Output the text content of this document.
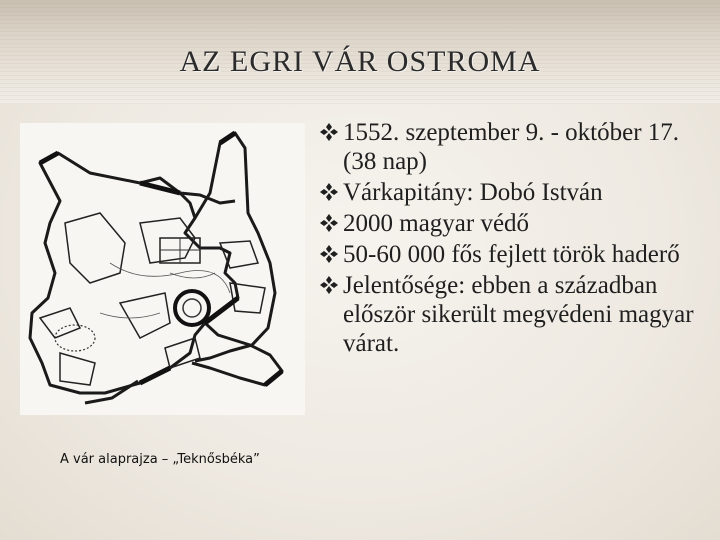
AZ EGRI VÁR OSTROMA
1552. szeptember 9. - október 17. (38 nap)
Várkapitány: Dobó István
2000 magyar védő
50-60 000 fős fejlett török haderő
Jelentősége: ebben a században először sikerült megvédeni magyar várat.
A vár alaprajza – „Teknősbéka”
